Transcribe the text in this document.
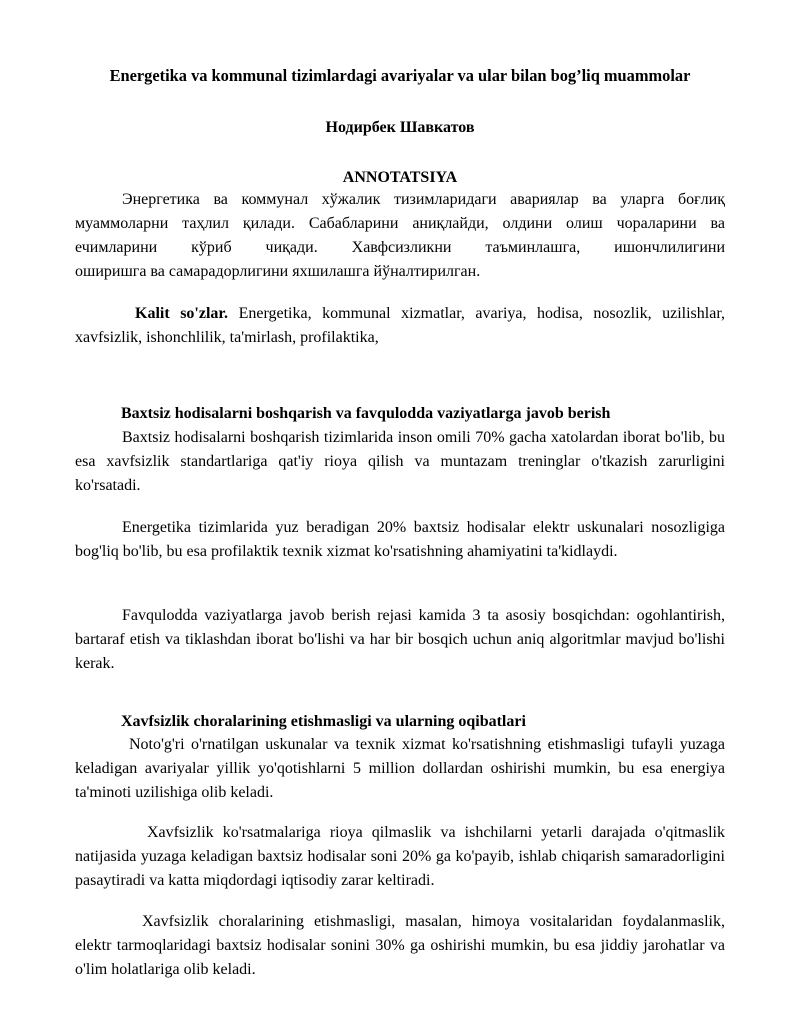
Energetika va kommunal tizimlardagi avariyalar va ular bilan bog’liq muammolar
Нодирбек Шавкатов
ANNOTATSIYA
Энергетика ва коммунал хўжалик тизимларидаги авариялар ва уларга боғлиқ
муаммоларни таҳлил қилади. Сабабларини аниқлайди, олдини олиш чораларини ва
ечимларини кўриб чиқади. Хавфсизликни таъминлашга, ишончлилигини
оширишга ва самарадорлигини яхшилашга йўналтирилган.

Kalit so'zlar. Energetika, kommunal xizmatlar, avariya, hodisa, nosozlik, uzilishlar, xavfsizlik, ishonchlilik, ta'mirlash, profilaktika,

Baxtsiz hodisalarni boshqarish va favqulodda vaziyatlarga javob berish

Baxtsiz hodisalarni boshqarish tizimlarida inson omili 70% gacha xatolardan iborat bo'lib, bu esa xavfsizlik standartlariga qat'iy rioya qilish va muntazam treninglar o'tkazish zarurligini ko'rsatadi.

Energetika tizimlarida yuz beradigan 20% baxtsiz hodisalar elektr uskunalari nosozligiga bog'liq bo'lib, bu esa profilaktik texnik xizmat ko'rsatishning ahamiyatini ta'kidlaydi.

Favqulodda vaziyatlarga javob berish rejasi kamida 3 ta asosiy bosqichdan: ogohlantirish, bartaraf etish va tiklashdan iborat bo'lishi va har bir bosqich uchun aniq algoritmlar mavjud bo'lishi kerak.

Xavfsizlik choralarining etishmasligi va ularning oqibatlari

Noto'g'ri o'rnatilgan uskunalar va texnik xizmat ko'rsatishning etishmasligi tufayli yuzaga keladigan avariyalar yillik yo'qotishlarni 5 million dollardan oshirishi mumkin, bu esa energiya ta'minoti uzilishiga olib keladi.

Xavfsizlik ko'rsatmalariga rioya qilmaslik va ishchilarni yetarli darajada o'qitmaslik natijasida yuzaga keladigan baxtsiz hodisalar soni 20% ga ko'payib, ishlab chiqarish samaradorligini pasaytiradi va katta miqdordagi iqtisodiy zarar keltiradi.

Xavfsizlik choralarining etishmasligi, masalan, himoya vositalaridan foydalanmaslik, elektr tarmoqlaridagi baxtsiz hodisalar sonini 30% ga oshirishi mumkin, bu esa jiddiy jarohatlar va o'lim holatlariga olib keladi.
